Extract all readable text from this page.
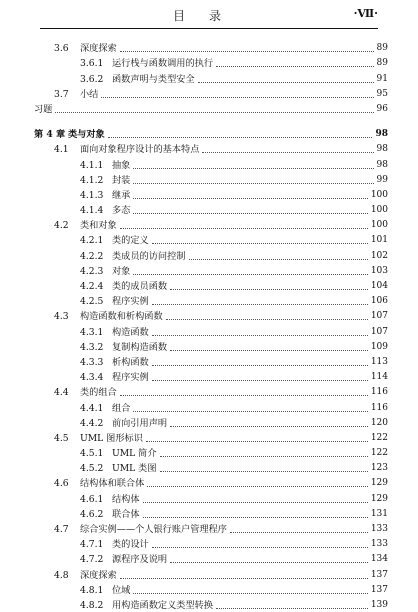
目录	·Ⅶ·
3.6	深度探索	89
3.6.1 运行栈与函数调用的执行	89
3.6.2 函数声明与类型安全	91
3.7	小结	95
习题	96
第 4 章 类与对象	98
4.1	面向对象程序设计的基本特点	98
4.1.1 抽象	98
4.1.2 封装	99
4.1.3 继承	100
4.1.4 多态	100
4.2	类和对象	100
4.2.1 类的定义	101
4.2.2 类成员的访问控制	102
4.2.3 对象	103
4.2.4 类的成员函数	104
4.2.5 程序实例	106
4.3	构造函数和析构函数	107
4.3.1 构造函数	107
4.3.2 复制构造函数	109
4.3.3 析构函数	113
4.3.4 程序实例	114
4.4	类的组合	116
4.4.1 组合	116
4.4.2 前向引用声明	120
4.5	UML 图形标识	122
4.5.1 UML 简介	122
4.5.2 UML 类图	123
4.6	结构体和联合体	129
4.6.1 结构体	129
4.6.2 联合体	131
4.7	综合实例——个人银行账户管理程序	133
4.7.1 类的设计	133
4.7.2 源程序及说明	134
4.8	深度探索	137
4.8.1 位域	137
4.8.2 用构造函数定义类型转换	139
